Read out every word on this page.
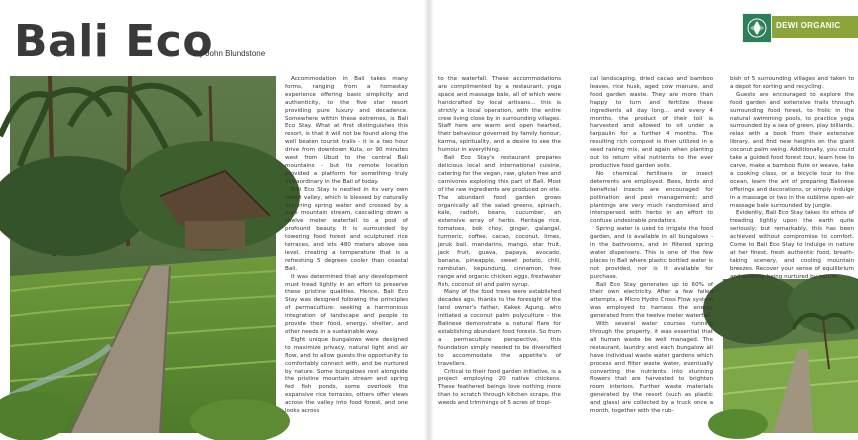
Bali Eco
By John Blundstone
DEWI ORGANIC

Accommodation in Bali takes many forms, ranging from a homestay experience offering basic simplicity and authenticity, to the five star resort providing pure luxury and decadence. Somewhere within these extremes, is Bali Eco Stay. What at first distinguishes this resort, is that it will not be found along the well beaten tourist trails - it is a two hour drive from downtown Kuta, or 90 minutes west from Ubud to the central Bali mountains - but its remote location provided a platform for something truly extraordinary in the Bali of today.

Bali Eco Stay is nestled in its very own sweet valley, which is blessed by naturally occurring spring water and crossed by a pure mountain stream, cascading down a twelve meter waterfall to a pool of profound beauty. It is surrounded by towering food forest and sculptured rice terraces, and sits 480 meters above sea level, creating a temperature that is a refreshing 5 degrees cooler than coastal Bali.

It was determined that any development must tread lightly in an effort to preserve these pristine qualities. Hence, Bali Eco Stay was designed following the principles of permaculture: seeking a harmonious integration of landscape and people to provide their food, energy, shelter, and other needs in a sustainable way.

Eight unique bungalows were designed to maximize privacy, natural light and air flow, and to allow guests the opportunity to comfortably connect with, and be nurtured by nature. Some bungalows rest alongside the pristine mountain stream and spring fed fish ponds, some overlook the expansive rice terraces, others offer views across the valley into food forest, and one looks across

to the waterfall. These accommodations are complimented by a restaurant, yoga space and massage bale, all of which were handcrafted by local artisans... this is strictly a local operation, with the entire crew living close by in surrounding villages. Staff here are warm and open hearted, their behaviour governed by family honour, karma, spirituality, and a desire to see the humour in everything.

Bali Eco Stay's restaurant prepares delicious local and international cuisine, catering for the vegan, raw, gluten free and carnivores exploring this part of Bali. Most of the raw ingredients are produced on site. The abundant food garden grows organically all the salad greens, spinach, kale, radish, beans, cucumber, an extensive array of herbs. Heritage rice, tomatoes, bok choy, ginger, galangal, turmeric, coffee, cacao, coconut, limes, jeruk bali, mandarins, mango, star fruit, jack fruit, guava, papaya, avocado, banana, pineapple, sweet potato, chili, rambutan, kepundung, cinnamon, free range and organic chicken eggs, freshwater fish, coconut oil and palm syrup.

Many of the food trees were established decades ago, thanks to the foresight of the land owner's father, Kakek Agung, who initiated a coconut palm polyculture - the Balinese demonstrate a natural flare for establishing abundant food forests. So from a permaculture perspective, this foundation simply needed to be diversified to accommodate the appetite's of travellers.

Critical to their food garden initiative, is a project employing 20 native chickens. These feathered beings love nothing more than to scratch through kitchen scraps, the weeds and trimmings of 5 acres of tropi-

cal landscaping, dried cacao and bamboo leaves, rice husk, aged cow manure, and food garden waste. They are more than happy to turn and fertilize these ingredients all day long... and every 4 months, the product of their toil is harvested and allowed to sit under a tarpaulin for a further 4 months. The resulting rich compost is then utilized in a seed raising mix, and again when planting out to return vital nutrients to the ever productive food garden soils.

No chemical fertilisers or insect deterrents are employed. Bees, birds and beneficial insects are encouraged for pollination and pest management; and plantings are very much randomised and interspersed with herbs in an effort to confuse undesirable predators.

Spring water is used to irrigate the food garden, and is available in all bungalows - in the bathrooms, and in filtered spring water dispensers. This is one of the few places in Bali where plastic bottled water is not provided, nor is it available for purchase.

Bali Eco Stay generates up to 60% of their own electricity. After a few failed attempts, a Micro Hydro Cross Flow system was employed to harness the energy generated from the twelve meter waterfall.

With several water courses running through the property, it was essential that all human waste be well managed. The restaurant, laundry and each bungalow all have individual waste water gardens which process and filter waste water, eventually converting the nutrients into stunning flowers that are harvested to brighten room interiors. Further waste materials generated by the resort (such as plastic and glass) are collected by a truck once a month, together with the rub-

bish of 5 surrounding villages and taken to a depot for sorting and recycling.

Guests are encouraged to explore the food garden and extensive trails through surrounding food forest, to frolic in the natural swimming pools, to practice yoga surrounded by a sea of green, play billiards, relax with a book from their extensive library, and find new heights on the giant coconut palm swing. Additionally, you could take a guided food forest tour, learn how to carve, make a bamboo flute or weave, take a cooking class, or a bicycle tour to the ocean, learn the art of preparing Balinese offerings and decorations, or simply indulge in a massage or two in the sublime open-air massage bale surrounded by jungle.

Evidently, Bali Eco Stay takes its ethos of treading lightly upon the earth quite seriously; but remarkably, this has been achieved without compromise to comfort. Come to Bali Eco Stay to indulge in nature at her finest, fresh authentic food, breath-taking scenery, and cooling mountain breezes. Recover your sense of equilibrium and serenity being nurtured by nature.
